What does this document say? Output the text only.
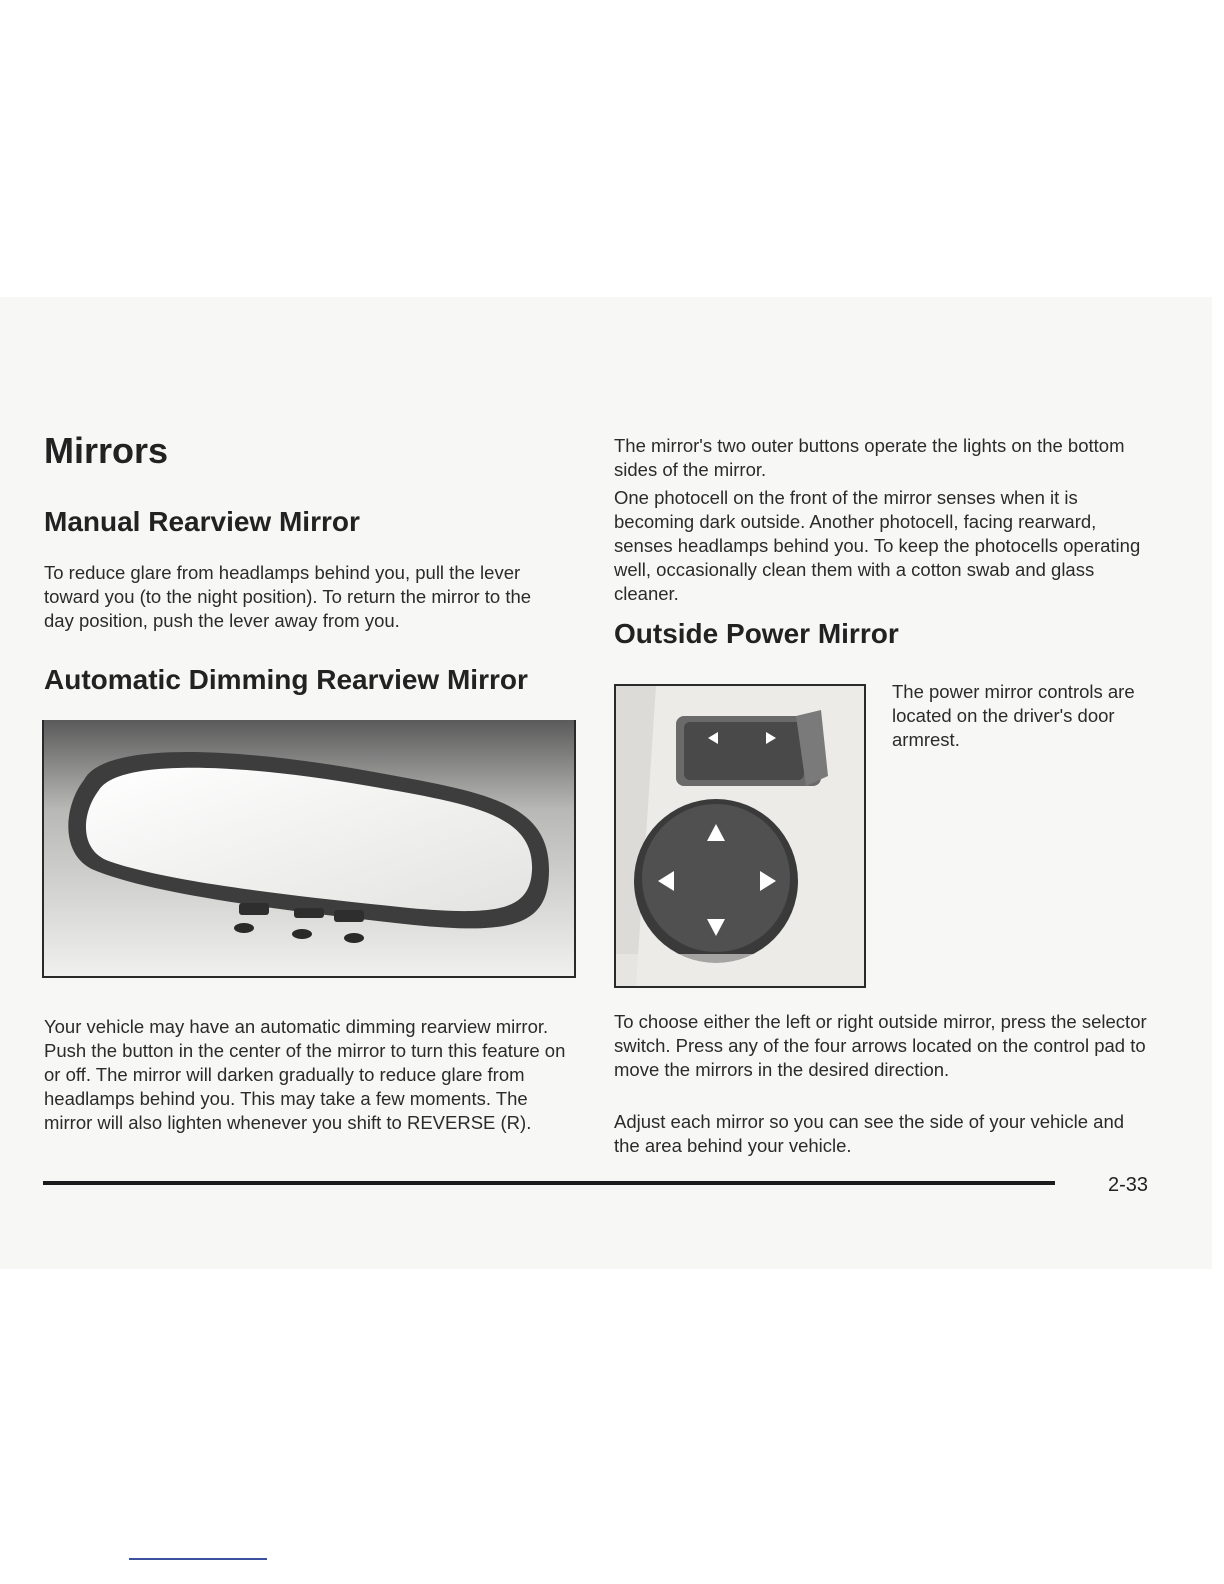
Mirrors
Manual Rearview Mirror

To reduce glare from headlamps behind you, pull the lever toward you (to the night position). To return the mirror to the day position, push the lever away from you.

Automatic Dimming Rearview Mirror

Your vehicle may have an automatic dimming rearview mirror. Push the button in the center of the mirror to turn this feature on or off. The mirror will darken gradually to reduce glare from headlamps behind you. This may take a few moments. The mirror will also lighten whenever you shift to REVERSE (R).

The mirror's two outer buttons operate the lights on the bottom sides of the mirror.

One photocell on the front of the mirror senses when it is becoming dark outside. Another photocell, facing rearward, senses headlamps behind you. To keep the photocells operating well, occasionally clean them with a cotton swab and glass cleaner.

Outside Power Mirror

The power mirror controls are located on the driver's door armrest.

To choose either the left or right outside mirror, press the selector switch. Press any of the four arrows located on the control pad to move the mirrors in the desired direction.

Adjust each mirror so you can see the side of your vehicle and the area behind your vehicle.

2-33
